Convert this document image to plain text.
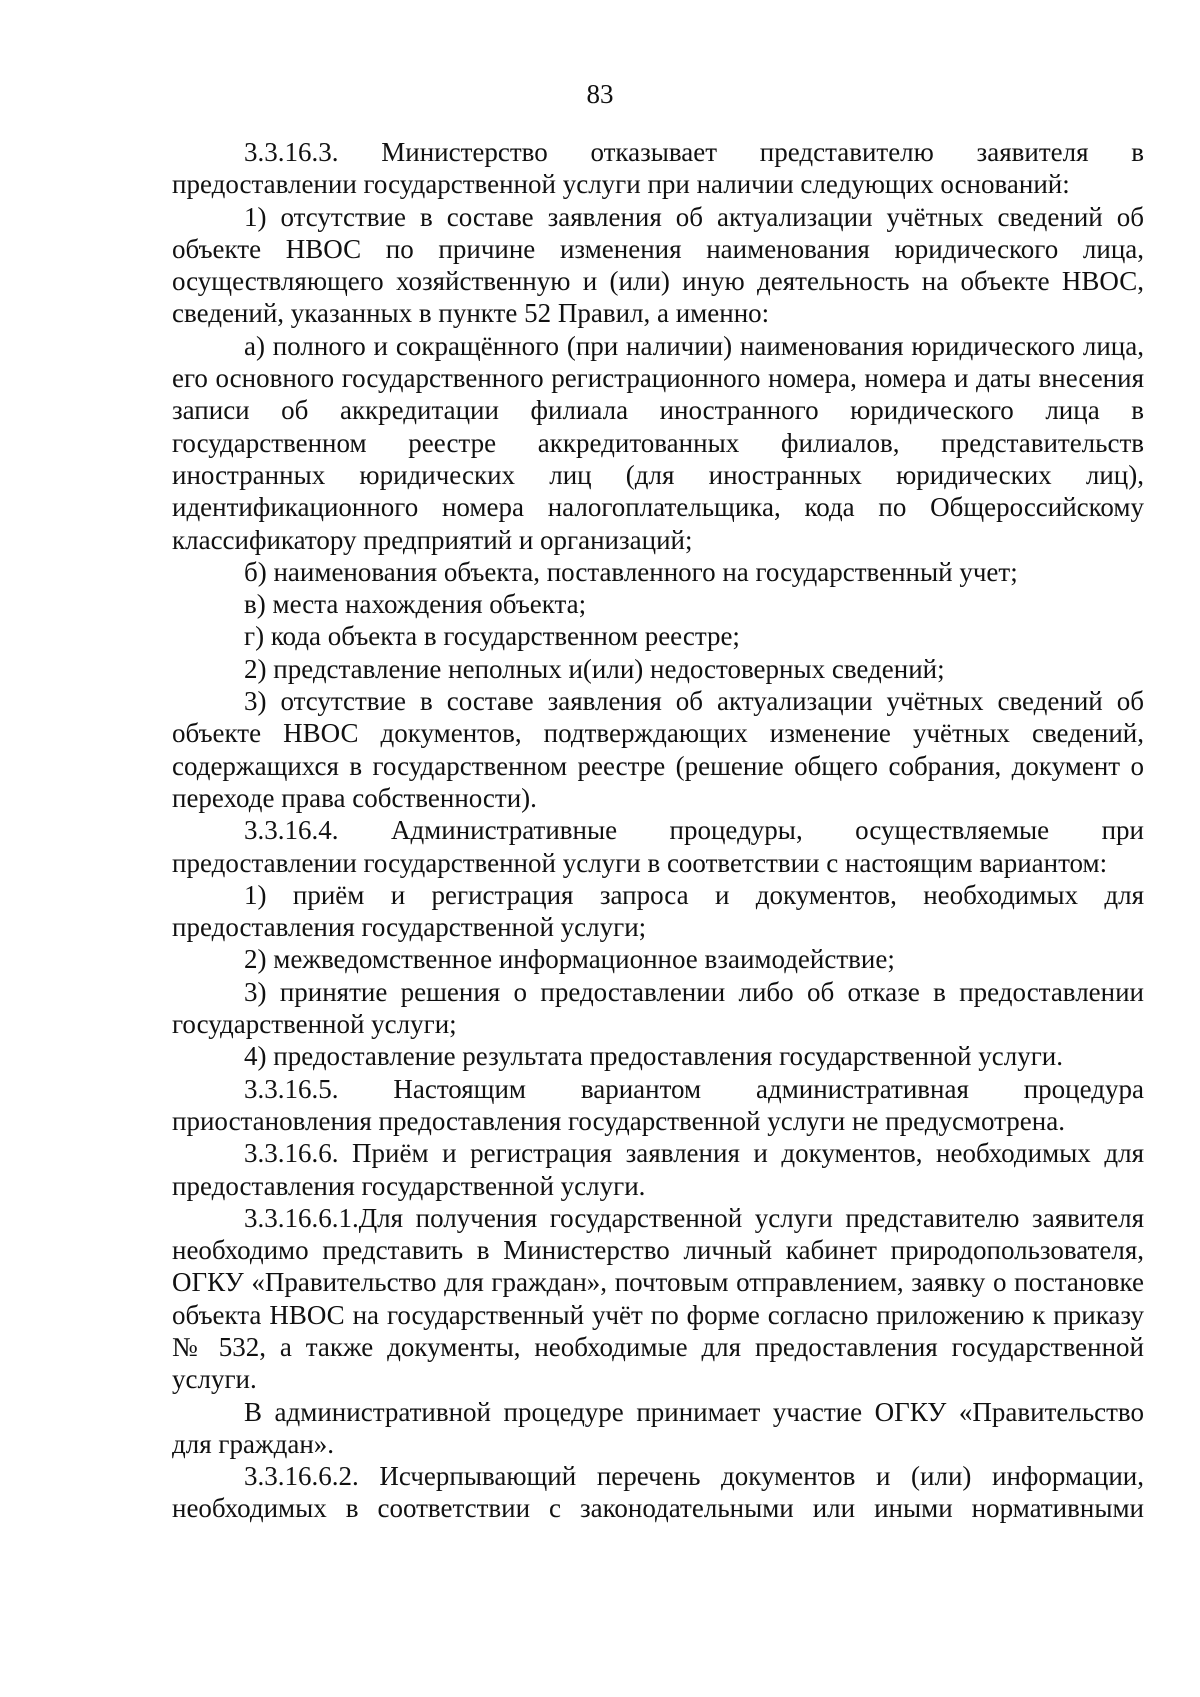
83

3.3.16.3. Министерство отказывает представителю заявителя в предоставлении государственной услуги при наличии следующих оснований:

1) отсутствие в составе заявления об актуализации учётных сведений об объекте НВОС по причине изменения наименования юридического лица, осуществляющего хозяйственную и (или) иную деятельность на объекте НВОС, сведений, указанных в пункте 52 Правил, а именно:

а) полного и сокращённого (при наличии) наименования юридического лица, его основного государственного регистрационного номера, номера и даты внесения записи об аккредитации филиала иностранного юридического лица в государственном реестре аккредитованных филиалов, представительств иностранных юридических лиц (для иностранных юридических лиц), идентификационного номера налогоплательщика, кода по Общероссийскому классификатору предприятий и организаций;

б) наименования объекта, поставленного на государственный учет;

в) места нахождения объекта;

г) кода объекта в государственном реестре;

2) представление неполных и(или) недостоверных сведений;

3) отсутствие в составе заявления об актуализации учётных сведений об объекте НВОС документов, подтверждающих изменение учётных сведений, содержащихся в государственном реестре (решение общего собрания, документ о переходе права собственности).

3.3.16.4. Административные процедуры, осуществляемые при предоставлении государственной услуги в соответствии с настоящим вариантом:

1) приём и регистрация запроса и документов, необходимых для предоставления государственной услуги;

2) межведомственное информационное взаимодействие;

3) принятие решения о предоставлении либо об отказе в предоставлении государственной услуги;

4) предоставление результата предоставления государственной услуги.

3.3.16.5. Настоящим вариантом административная процедура приостановления предоставления государственной услуги не предусмотрена.

3.3.16.6. Приём и регистрация заявления и документов, необходимых для предоставления государственной услуги.

3.3.16.6.1.Для получения государственной услуги представителю заявителя необходимо представить в Министерство личный кабинет природопользователя, ОГКУ «Правительство для граждан», почтовым отправлением, заявку о постановке объекта НВОС на государственный учёт по форме согласно приложению к приказу № 532, а также документы, необходимые для предоставления государственной услуги.

В административной процедуре принимает участие ОГКУ «Правительство для граждан».

3.3.16.6.2. Исчерпывающий перечень документов и (или) информации, необходимых в соответствии с законодательными или иными нормативными
